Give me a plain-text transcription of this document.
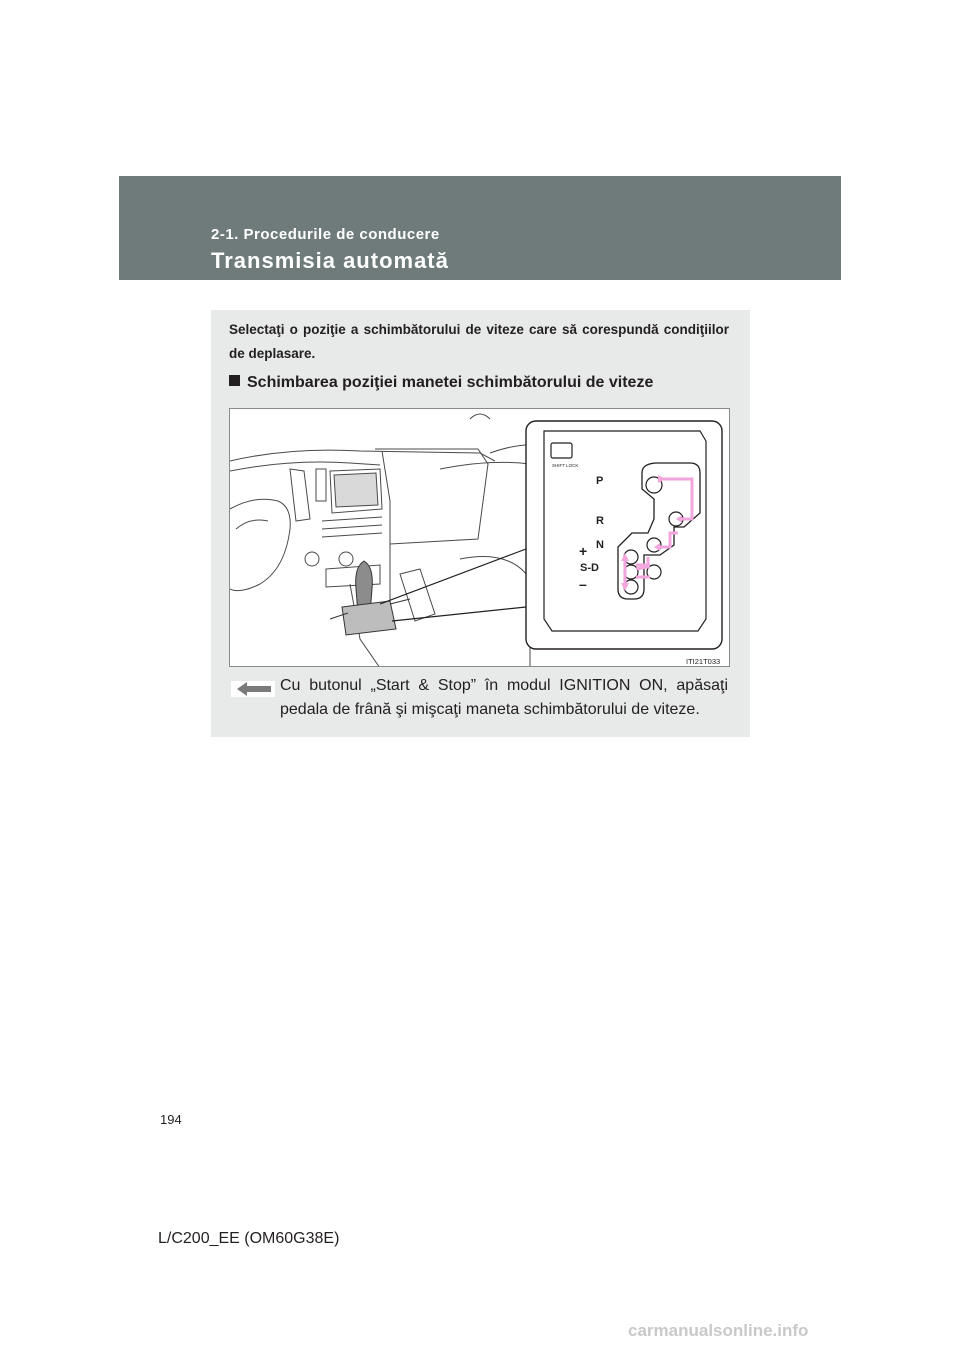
2-1. Procedurile de conducere
Transmisia automată
Selectaţi o poziţie a schimbătorului de viteze care să corespundă condiţiilor de deplasare.
Schimbarea poziţiei manetei schimbătorului de viteze
SHIFT LOCK
P
R
N
+
S-D
–
ITI21T033
Cu butonul „Start & Stop” în modul IGNITION ON, apăsaţi pedala de frână şi mişcaţi maneta schimbătorului de viteze.
194
L/C200_EE (OM60G38E)
carmanualsonline.info
